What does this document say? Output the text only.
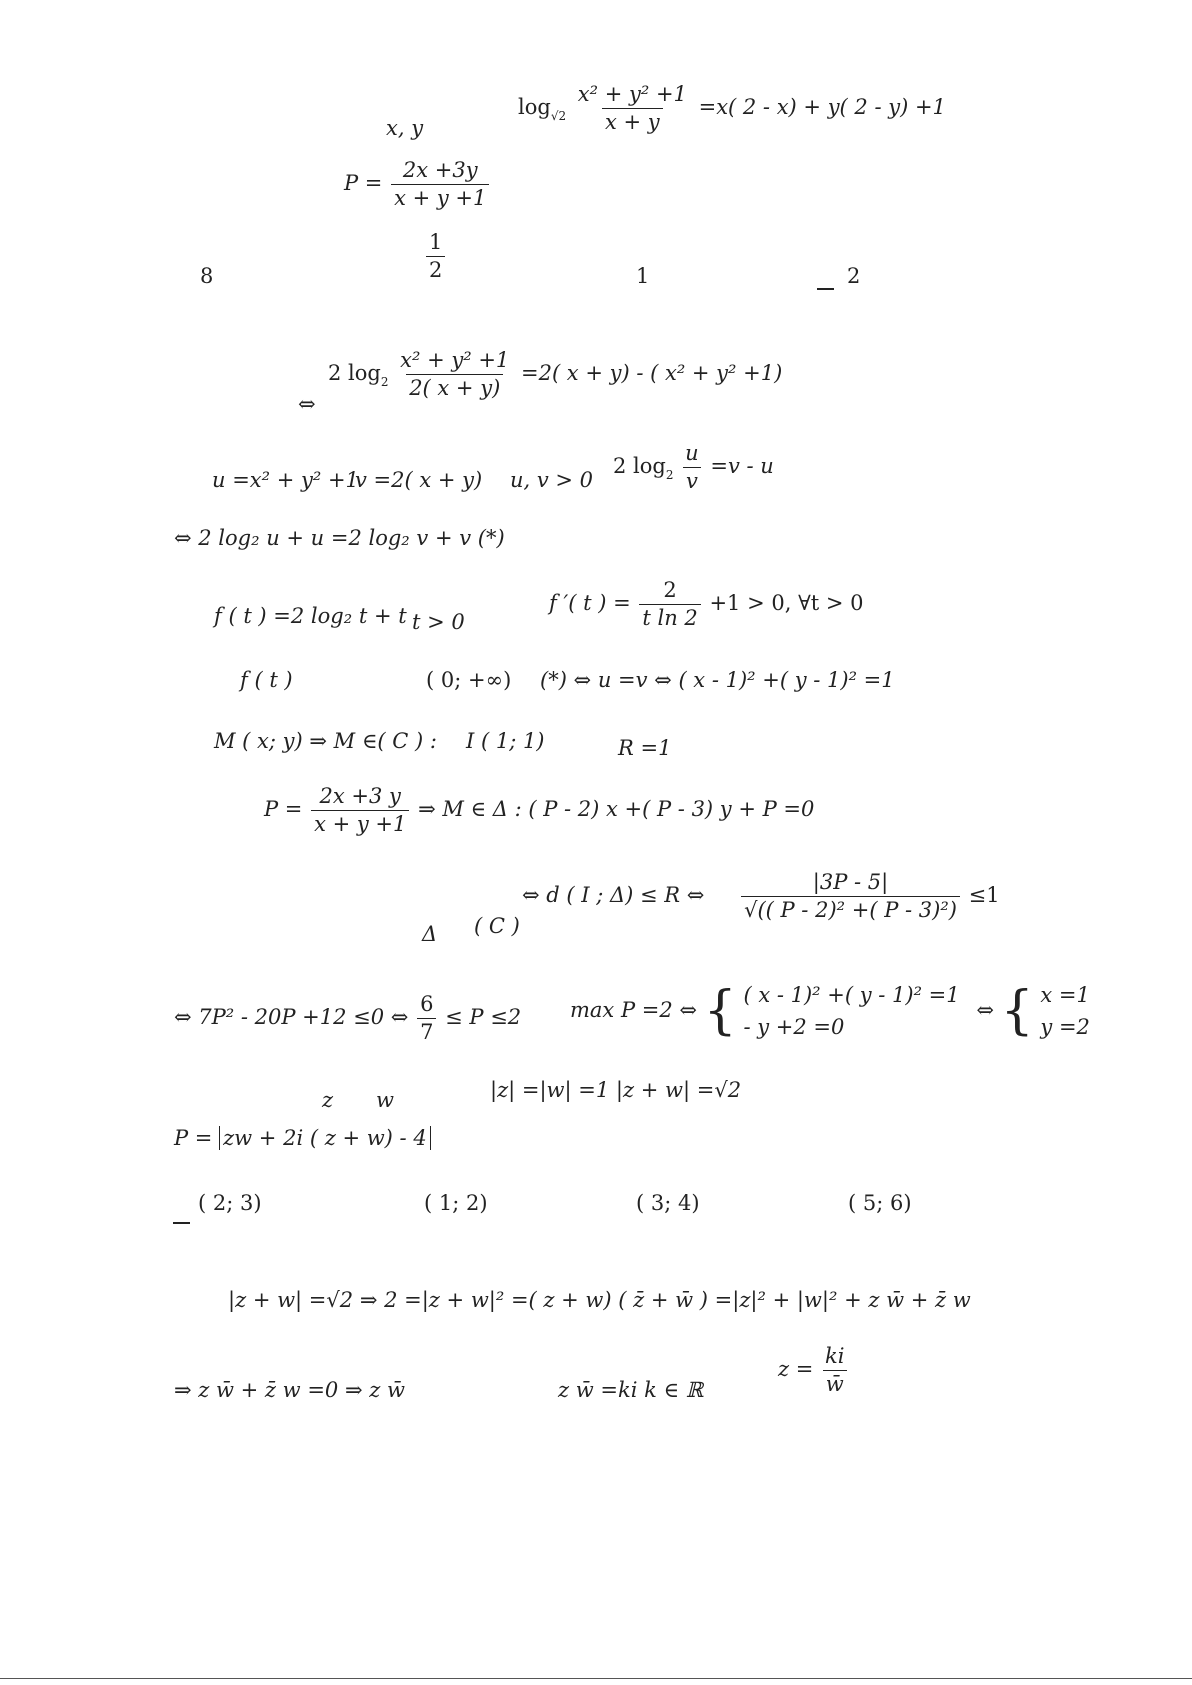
x, y
$\log_{√2} \frac{\text{x² + y² +1}}{x + y} =x$( 2 - x) + y( 2 - y) +1
$P = \frac{2x +3y}{x + y +1}$
8	$\frac{1}{2}$	1	2
⇔
2 $\log_2 \frac{\text{x² + y² +1}}{2( x + y)} =2$( x + y) - ( x² + y² +1)
u =x² + y² +1
v =2( x + y) u, v > 0
2 $\log_2 \frac{u}{v} =v - u$
⇔ 2 log₂ u + u =2 log₂ v + v (*)
f ( t ) =2 log₂ t + t t > 0
f ′( t ) = $\frac{2}{\text{t ln 2}} +1 > 0$, ∀t > 0
f ( t )	( 0; +∞) (*) ⇔ u =v ⇔ ( x - 1)² +( y - 1)² =1
M ( x; y) ⇒ M ∈( C ) : I ( 1; 1)	R =1
$P = \frac{2x +3 y}{x + y +1}$ ⇒ M ∈ Δ : ( P - 2) x +( P - 3) y + P =0
Δ ( C )
⇔ d ( I ; Δ) ≤ R ⇔ $\frac{|3P - 5|}{\text{√(( P - 2)² +( P - 3)²)}} \le 1$
⇔ 7P² - 20P +12 ≤0 ⇔ $\frac{6}{7} \le P \le 2$ max P =2 ⇔ { ( x - 1)² +( y - 1)² =1
- y +2 =0
⇔ { x =1
y =2
z w	|z| =|w| =1 |z + w| =√2
P = zw + 2i ( z + w) - 4
( 2; 3)	( 1; 2)	( 3; 4)	( 5; 6)
|z + w| =√2 ⇒ 2 =|z + w|² =( z + w) ( z̄ + w̄ ) =|z|² + |w|² + z w̄ + z̄ w
⇒ z w̄ + z̄ w =0 ⇒ z w̄	z w̄ =ki k ∈ ℝ
$z = \frac{ki}{w̄}$
